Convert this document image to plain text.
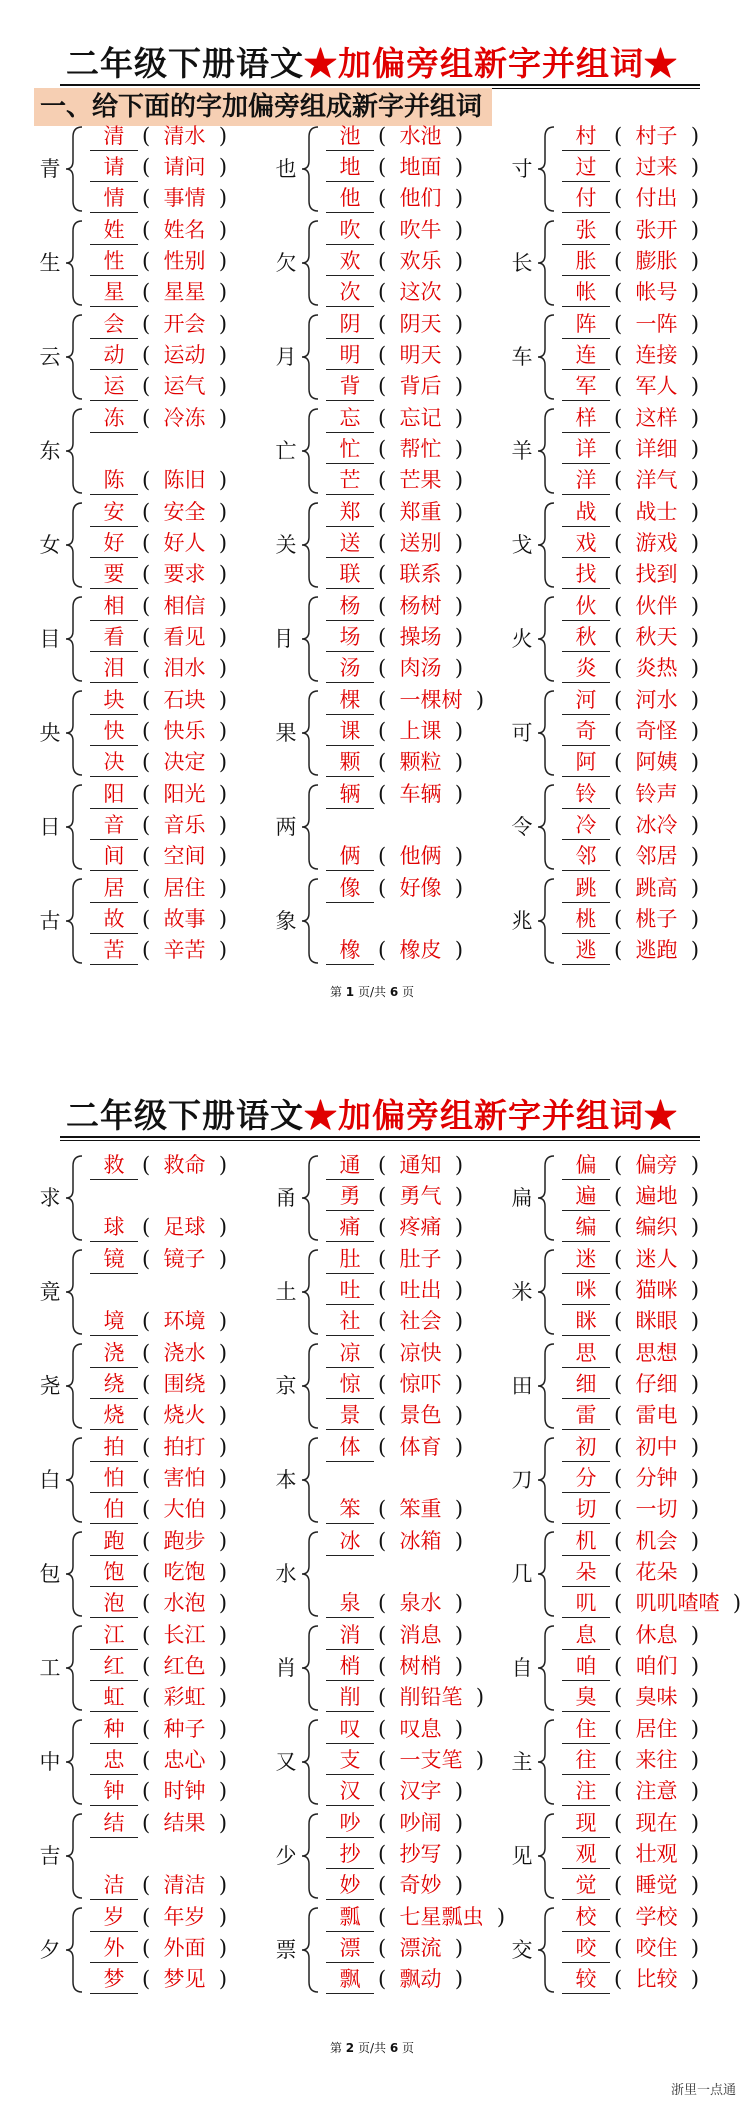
二年级下册语文★加偏旁组新字并组词★
一、给下面的字加偏旁组成新字并组词
青
清 (  清水  )
请 (  请问  )
情 (  事情  )
生
姓 (  姓名  )
性 (  性别  )
星 (  星星  )
云
会 (  开会  )
动 (  运动  )
运 (  运气  )
东
冻 (  冷冻  )
陈 (  陈旧  )
女
安 (  安全  )
好 (  好人  )
要 (  要求  )
目
相 (  相信  )
看 (  看见  )
泪 (  泪水  )
央
块 (  石块  )
快 (  快乐  )
决 (  决定  )
日
阳 (  阳光  )
音 (  音乐  )
间 (  空间  )
古
居 (  居住  )
故 (  故事  )
苦 (  辛苦  )
也
池 (  水池  )
地 (  地面  )
他 (  他们  )
欠
吹 (  吹牛  )
欢 (  欢乐  )
次 (  这次  )
月
阴 (  阴天  )
明 (  明天  )
背 (  背后  )
亡
忘 (  忘记  )
忙 (  帮忙  )
芒 (  芒果  )
关
郑 (  郑重  )
送 (  送别  )
联 (  联系  )
⺝
杨 (  杨树  )
场 (  操场  )
汤 (  肉汤  )
果
棵 (  一棵树  )
课 (  上课  )
颗 (  颗粒  )
两
辆 (  车辆  )
俩 (  他俩  )
象
像 (  好像  )
橡 (  橡皮  )
寸
村 (  村子  )
过 (  过来  )
付 (  付出  )
长
张 (  张开  )
胀 (  膨胀  )
帐 (  帐号  )
车
阵 (  一阵  )
连 (  连接  )
军 (  军人  )
羊
样 (  这样  )
详 (  详细  )
洋 (  洋气  )
戈
战 (  战士  )
戏 (  游戏  )
找 (  找到  )
火
伙 (  伙伴  )
秋 (  秋天  )
炎 (  炎热  )
可
河 (  河水  )
奇 (  奇怪  )
阿 (  阿姨  )
令
铃 (  铃声  )
冷 (  冰冷  )
邻 (  邻居  )
兆
跳 (  跳高  )
桃 (  桃子  )
逃 (  逃跑  )
第 1 页/共 6 页
二年级下册语文★加偏旁组新字并组词★
求
救 (  救命  )
球 (  足球  )
竟
镜 (  镜子  )
境 (  环境  )
尧
浇 (  浇水  )
绕 (  围绕  )
烧 (  烧火  )
白
拍 (  拍打  )
怕 (  害怕  )
伯 (  大伯  )
包
跑 (  跑步  )
饱 (  吃饱  )
泡 (  水泡  )
工
江 (  长江  )
红 (  红色  )
虹 (  彩虹  )
中
种 (  种子  )
忠 (  忠心  )
钟 (  时钟  )
吉
结 (  结果  )
洁 (  清洁  )
夕
岁 (  年岁  )
外 (  外面  )
梦 (  梦见  )
甬
通 (  通知  )
勇 (  勇气  )
痛 (  疼痛  )
土
肚 (  肚子  )
吐 (  吐出  )
社 (  社会  )
京
凉 (  凉快  )
惊 (  惊吓  )
景 (  景色  )
本
体 (  体育  )
笨 (  笨重  )
水
冰 (  冰箱  )
泉 (  泉水  )
肖
消 (  消息  )
梢 (  树梢  )
削 (  削铅笔  )
又
叹 (  叹息  )
支 (  一支笔  )
汉 (  汉字  )
少
吵 (  吵闹  )
抄 (  抄写  )
妙 (  奇妙  )
票
瓢 (  七星瓢虫  )
漂 (  漂流  )
飘 (  飘动  )
扁
偏 (  偏旁  )
遍 (  遍地  )
编 (  编织  )
米
迷 (  迷人  )
咪 (  猫咪  )
眯 (  眯眼  )
田
思 (  思想  )
细 (  仔细  )
雷 (  雷电  )
刀
初 (  初中  )
分 (  分钟  )
切 (  一切  )
几
机 (  机会  )
朵 (  花朵  )
叽 (  叽叽喳喳  )
自
息 (  休息  )
咱 (  咱们  )
臭 (  臭味  )
主
住 (  居住  )
往 (  来往  )
注 (  注意  )
见
现 (  现在  )
观 (  壮观  )
觉 (  睡觉  )
交
校 (  学校  )
咬 (  咬住  )
较 (  比较  )
第 2 页/共 6 页
浙里一点通
